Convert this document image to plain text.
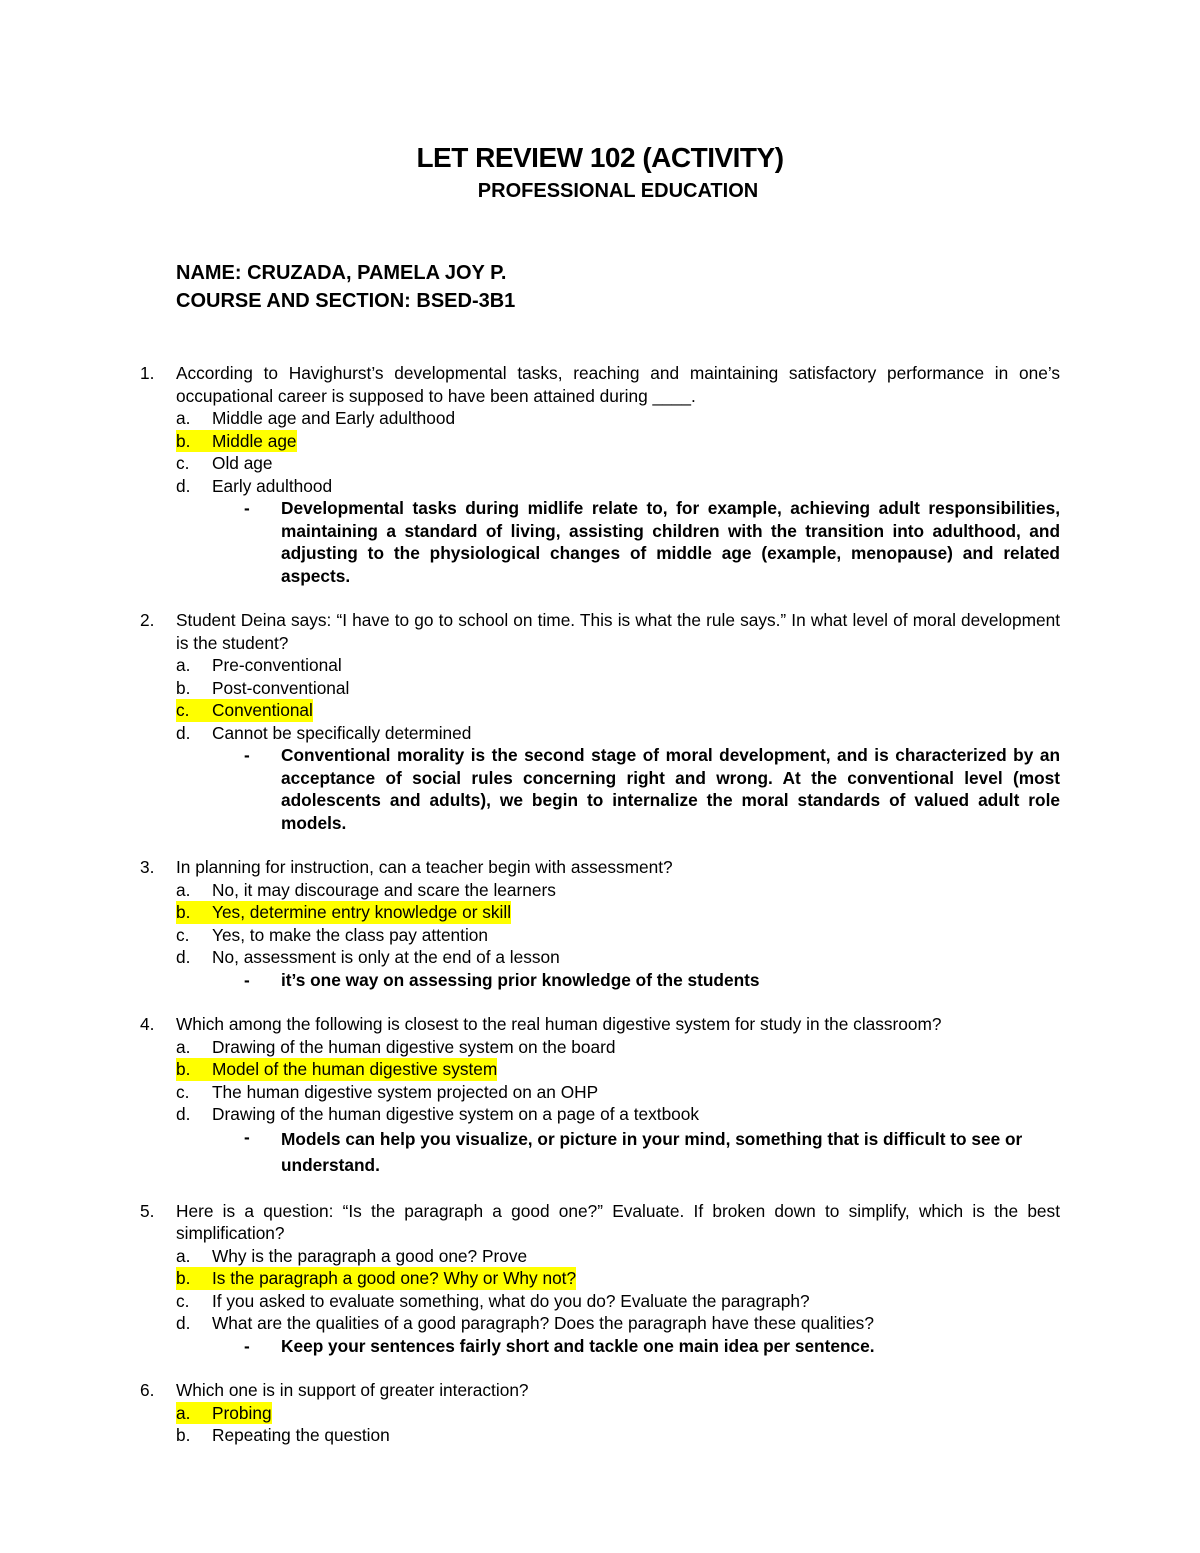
LET REVIEW 102 (ACTIVITY)
PROFESSIONAL EDUCATION
NAME: CRUZADA, PAMELA JOY P.
COURSE AND SECTION: BSED-3B1
1.	According to Havighurst’s developmental tasks, reaching and maintaining satisfactory performance in one’s occupational career is supposed to have been attained during ____.
a.	Middle age and Early adulthood
b.	Middle age
c.	Old age
d.	Early adulthood
-	Developmental tasks during midlife relate to, for example, achieving adult responsibilities, maintaining a standard of living, assisting children with the transition into adulthood, and adjusting to the physiological changes of middle age (example, menopause) and related aspects.
2.	Student Deina says: “I have to go to school on time. This is what the rule says.” In what level of moral development is the student?
a.	Pre-conventional
b.	Post-conventional
c.	Conventional
d.	Cannot be specifically determined
-	Conventional morality is the second stage of moral development, and is characterized by an acceptance of social rules concerning right and wrong. At the conventional level (most adolescents and adults), we begin to internalize the moral standards of valued adult role models.
3.	In planning for instruction, can a teacher begin with assessment?
a.	No, it may discourage and scare the learners
b.	Yes, determine entry knowledge or skill
c.	Yes, to make the class pay attention
d.	No, assessment is only at the end of a lesson
-	it’s one way on assessing prior knowledge of the students
4.	Which among the following is closest to the real human digestive system for study in the classroom?
a.	Drawing of the human digestive system on the board
b.	Model of the human digestive system
c.	The human digestive system projected on an OHP
d.	Drawing of the human digestive system on a page of a textbook
-	Models can help you visualize, or picture in your mind, something that is difficult to see or understand.
5.	Here is a question: “Is the paragraph a good one?” Evaluate. If broken down to simplify, which is the best simplification?
a.	Why is the paragraph a good one? Prove
b.	Is the paragraph a good one? Why or Why not?
c.	If you asked to evaluate something, what do you do? Evaluate the paragraph?
d.	What are the qualities of a good paragraph? Does the paragraph have these qualities?
-	Keep your sentences fairly short and tackle one main idea per sentence.
6.	Which one is in support of greater interaction?
a.	Probing
b.	Repeating the question
